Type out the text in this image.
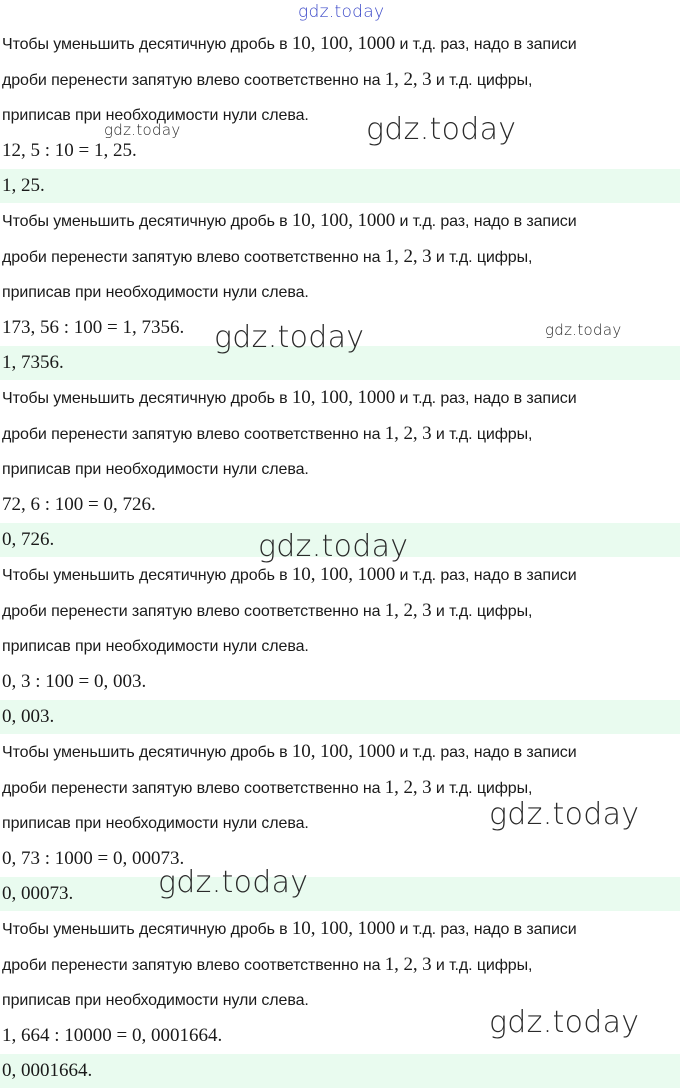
Чтобы уменьшить десятичную дробь в 10, 100, 1000 и т.д. раз, надо в записи
дроби перенести запятую влево соответственно на 1, 2, 3 и т.д. цифры,
приписав при необходимости нули слева.
12, 5 : 10 = 1, 25.
1, 25.
Чтобы уменьшить десятичную дробь в 10, 100, 1000 и т.д. раз, надо в записи
дроби перенести запятую влево соответственно на 1, 2, 3 и т.д. цифры,
приписав при необходимости нули слева.
173, 56 : 100 = 1, 7356.
1, 7356.
Чтобы уменьшить десятичную дробь в 10, 100, 1000 и т.д. раз, надо в записи
дроби перенести запятую влево соответственно на 1, 2, 3 и т.д. цифры,
приписав при необходимости нули слева.
72, 6 : 100 = 0, 726.
0, 726.
Чтобы уменьшить десятичную дробь в 10, 100, 1000 и т.д. раз, надо в записи
дроби перенести запятую влево соответственно на 1, 2, 3 и т.д. цифры,
приписав при необходимости нули слева.
0, 3 : 100 = 0, 003.
0, 003.
Чтобы уменьшить десятичную дробь в 10, 100, 1000 и т.д. раз, надо в записи
дроби перенести запятую влево соответственно на 1, 2, 3 и т.д. цифры,
приписав при необходимости нули слева.
0, 73 : 1000 = 0, 00073.
0, 00073.
Чтобы уменьшить десятичную дробь в 10, 100, 1000 и т.д. раз, надо в записи
дроби перенести запятую влево соответственно на 1, 2, 3 и т.д. цифры,
приписав при необходимости нули слева.
1, 664 : 10000 = 0, 0001664.
0, 0001664.
gdz.today
gdz.today	gdz.today
gdz.today	gdz.today
gdz.today
gdz.today
gdz.today
gdz.today
